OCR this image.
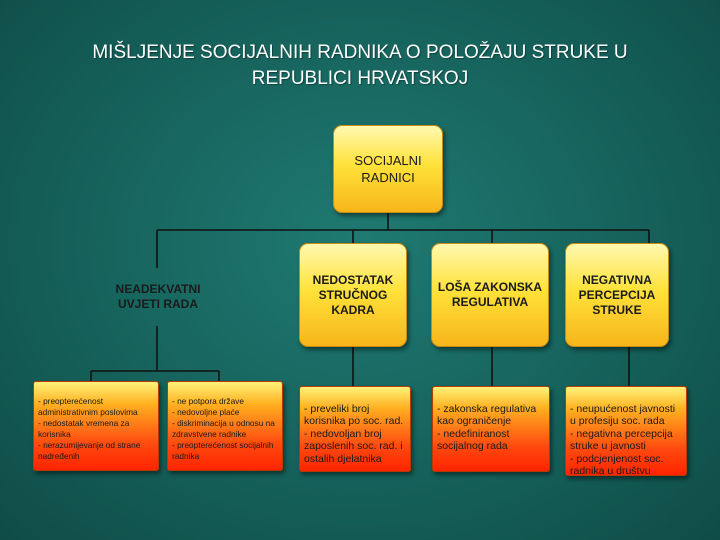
MIŠLJENJE SOCIJALNIH RADNIKA O POLOŽAJU STRUKE U REPUBLICI HRVATSKOJ
SOCIJALNI RADNICI
NEADEKVATNI UVJETI RADA
NEDOSTATAK STRUČNOG KADRA
LOŠA ZAKONSKA REGULATIVA
NEGATIVNA PERCEPCIJA STRUKE

- preopterećenost administrativnim poslovima
- nedostatak vremena za korisnika
- nerazumijevanje od strane nadređenih

- ne potpora države
- nedovoljne plaće
- diskriminacija u odnosu na zdravstvene radnike
- preopterećenost socijalnih radnika

- preveliki broj korisnika po soc. rad.
- nedovoljan broj zaposlenih soc. rad. i ostalih djelatnika

- zakonska regulativa kao ograničenje
- nedefiniranost socijalnog rada

- neupućenost javnosti u profesiju soc. rada
- negativna percepcija struke u javnosti
- podcjenjenost soc. radnika u društvu
